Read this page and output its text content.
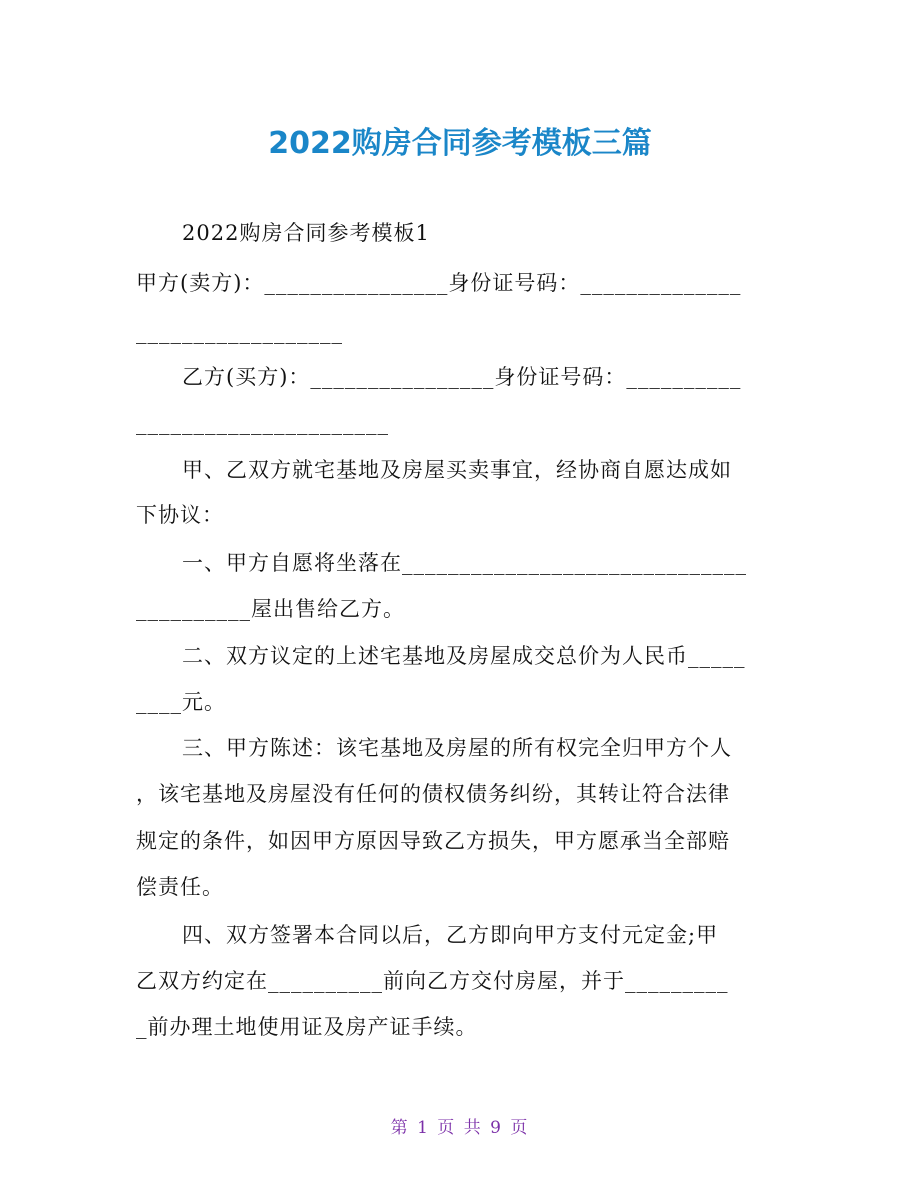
2022购房合同参考模板三篇
2022购房合同参考模板1
甲方(卖方)：________________身份证号码：______________
__________________
乙方(买方)：________________身份证号码：__________
______________________
甲、乙双方就宅基地及房屋买卖事宜，经协商自愿达成如
下协议：
一、甲方自愿将坐落在______________________________
__________屋出售给乙方。
二、双方议定的上述宅基地及房屋成交总价为人民币_____
____元。
三、甲方陈述：该宅基地及房屋的所有权完全归甲方个人
，该宅基地及房屋没有任何的债权债务纠纷，其转让符合法律
规定的条件，如因甲方原因导致乙方损失，甲方愿承当全部赔
偿责任。
四、双方签署本合同以后，乙方即向甲方支付元定金;甲
乙双方约定在__________前向乙方交付房屋，并于_________
_前办理土地使用证及房产证手续。
第 1 页 共 9 页
